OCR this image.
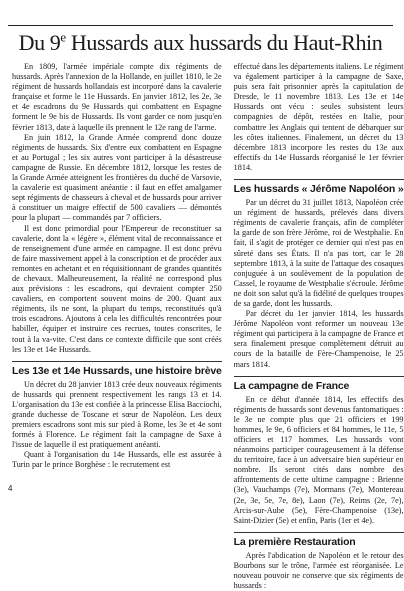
Du 9e Hussards aux hussards du Haut-Rhin

En 1809, l'armée impériale compte dix régiments de hussards. Après l'annexion de la Hollande, en juillet 1810, le 2e régiment de hussards hollandais est incorporé dans la cavalerie française et forme le 11e Hussards. En janvier 1812, les 2e, 3e et 4e escadrons du 9e Hussards qui combattent en Espagne forment le 9e bis de Hussards. Ils vont garder ce nom jusqu'en février 1813, date à laquelle ils prennent le 12e rang de l'arme.

En juin 1812, la Grande Armée comprend donc douze régiments de hussards. Six d'entre eux combattent en Espagne et au Portugal ; les six autres vont participer à la désastreuse campagne de Russie. En décembre 1812, lorsque les restes de la Grande Armée atteignent les frontières du duché de Varsovie, la cavalerie est quasiment anéantie : il faut en effet amalgamer sept régiments de chasseurs à cheval et de hussards pour arriver à constituer un maigre effectif de 500 cavaliers — démontés pour la plupart — commandés par 7 officiers.

Il est donc primordial pour l'Empereur de reconstituer sa cavalerie, dont la « légère », élément vital de reconnaissance et de renseignement d'une armée en campagne. Il est donc prévu de faire massivement appel à la conscription et de procéder aux remontes en achetant et en réquisitionnant de grandes quantités de chevaux. Malheureusement, la réalité ne correspond plus aux prévisions : les escadrons, qui devraient compter 250 cavaliers, en comportent souvent moins de 200. Quant aux régiments, ils ne sont, la plupart du temps, reconstitués qu'à trois escadrons. Ajoutons à cela les difficultés rencontrées pour habiller, équiper et instruire ces recrues, toutes conscrites, le tout à la va-vite. C'est dans ce contexte difficile que sont créés les 13e et 14e Hussards.

Les 13e et 14e Hussards, une histoire brève

Un décret du 28 janvier 1813 crée deux nouveaux régiments de hussards qui prennent respectivement les rangs 13 et 14. L'organisation du 13e est confiée à la princesse Elisa Bacciochi, grande duchesse de Toscane et sœur de Napoléon. Les deux premiers escadrons sont mis sur pied à Rome, les 3e et 4e sont formés à Florence. Le régiment fait la campagne de Saxe à l'issue de laquelle il est pratiquement anéanti.

Quant à l'organisation du 14e Hussards, elle est assurée à Turin par le prince Borghèse : le recrutement est

effectué dans les départements italiens. Le régiment va également participer à la campagne de Saxe, puis sera fait prisonnier après la capitulation de Dresde, le 11 novembre 1813. Les 13e et 14e Hussards ont vécu : seules subsistent leurs compagnies de dépôt, restées en Italie, pour combattre les Anglais qui tentent de débarquer sur les côtes italiennes. Finalement, un décret du 13 décembre 1813 incorpore les restes du 13e aux effectifs du 14e Hussards réorganisé le 1er février 1814.

Les hussards « Jérôme Napoléon »

Par un décret du 31 juillet 1813, Napoléon crée un régiment de hussards, prélevés dans divers régiments de cavalerie français, afin de compléter la garde de son frère Jérôme, roi de Westphalie. En fait, il s'agit de protéger ce dernier qui n'est pas en sûreté dans ses États. Il n'a pas tort, car le 28 septembre 1813, à la suite de l'attaque des cosaques conjuguée à un soulèvement de la population de Cassel, le royaume de Westphalie s'écroule. Jérôme ne doit son salut qu'à la fidélité de quelques troupes de sa garde, dont les hussards.

Par décret du 1er janvier 1814, les hussards Jérôme Napoléon vont reformer un nouveau 13e régiment qui participera à la campagne de France et sera finalement presque complètement détruit au cours de la bataille de Fère-Champenoise, le 25 mars 1814.

La campagne de France

En ce début d'année 1814, les effectifs des régiments de hussards sont devenus fantomatiques : le 3e ne compte plus que 21 officiers et 199 hommes, le 9e, 6 officiers et 84 hommes, le 11e, 5 officiers et 117 hommes. Les hussards vont néanmoins participer courageusement à la défense du territoire, face à un adversaire bien supérieur en nombre. Ils seront cités dans nombre des affrontements de cette ultime campagne : Brienne (3e), Vauchamps (7e), Mormans (7e), Montereau (2e, 3e, 5e, 7e, 8e), Laon (7e), Reims (2e, 7e), Arcis-sur-Aube (5e), Fère-Champenoise (13e), Saint-Dizier (5e) et enfin, Paris (1er et 4e).

La première Restauration

Après l'abdication de Napoléon et le retour des Bourbons sur le trône, l'armée est réorganisée. Le nouveau pouvoir ne conserve que six régiments de hussards :

4
